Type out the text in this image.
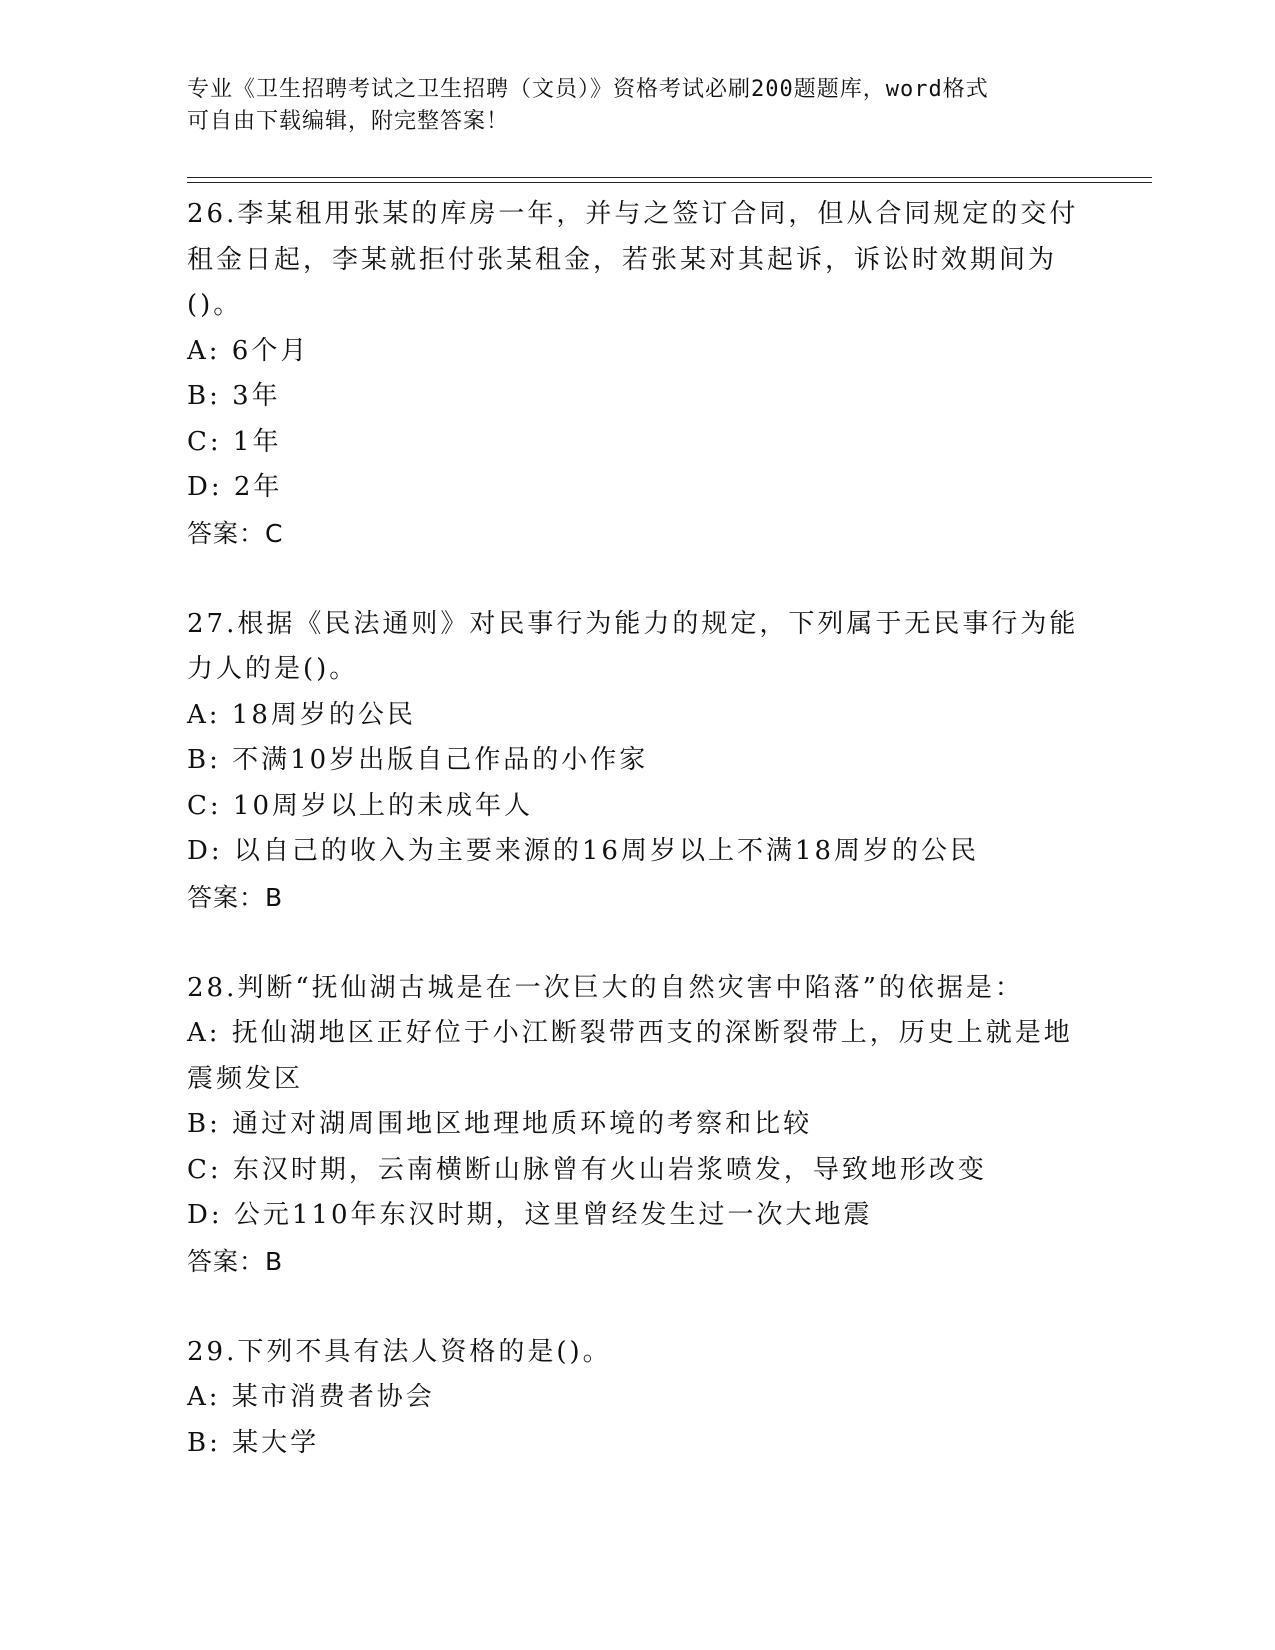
专业《卫生招聘考试之卫生招聘（文员）》资格考试必刷200题题库，word格式
可自由下载编辑，附完整答案！
26.李某租用张某的库房一年，并与之签订合同，但从合同规定的交付
租金日起，李某就拒付张某租金，若张某对其起诉，诉讼时效期间为
()。
A: 6个月
B: 3年
C: 1年
D: 2年
答案：C
27.根据《民法通则》对民事行为能力的规定，下列属于无民事行为能
力人的是()。
A: 18周岁的公民
B: 不满10岁出版自己作品的小作家
C: 10周岁以上的未成年人
D: 以自己的收入为主要来源的16周岁以上不满18周岁的公民
答案：B
28.判断“抚仙湖古城是在一次巨大的自然灾害中陷落”的依据是：
A: 抚仙湖地区正好位于小江断裂带西支的深断裂带上，历史上就是地
震频发区
B: 通过对湖周围地区地理地质环境的考察和比较
C: 东汉时期，云南横断山脉曾有火山岩浆喷发，导致地形改变
D: 公元110年东汉时期，这里曾经发生过一次大地震
答案：B
29.下列不具有法人资格的是()。
A: 某市消费者协会
B: 某大学
